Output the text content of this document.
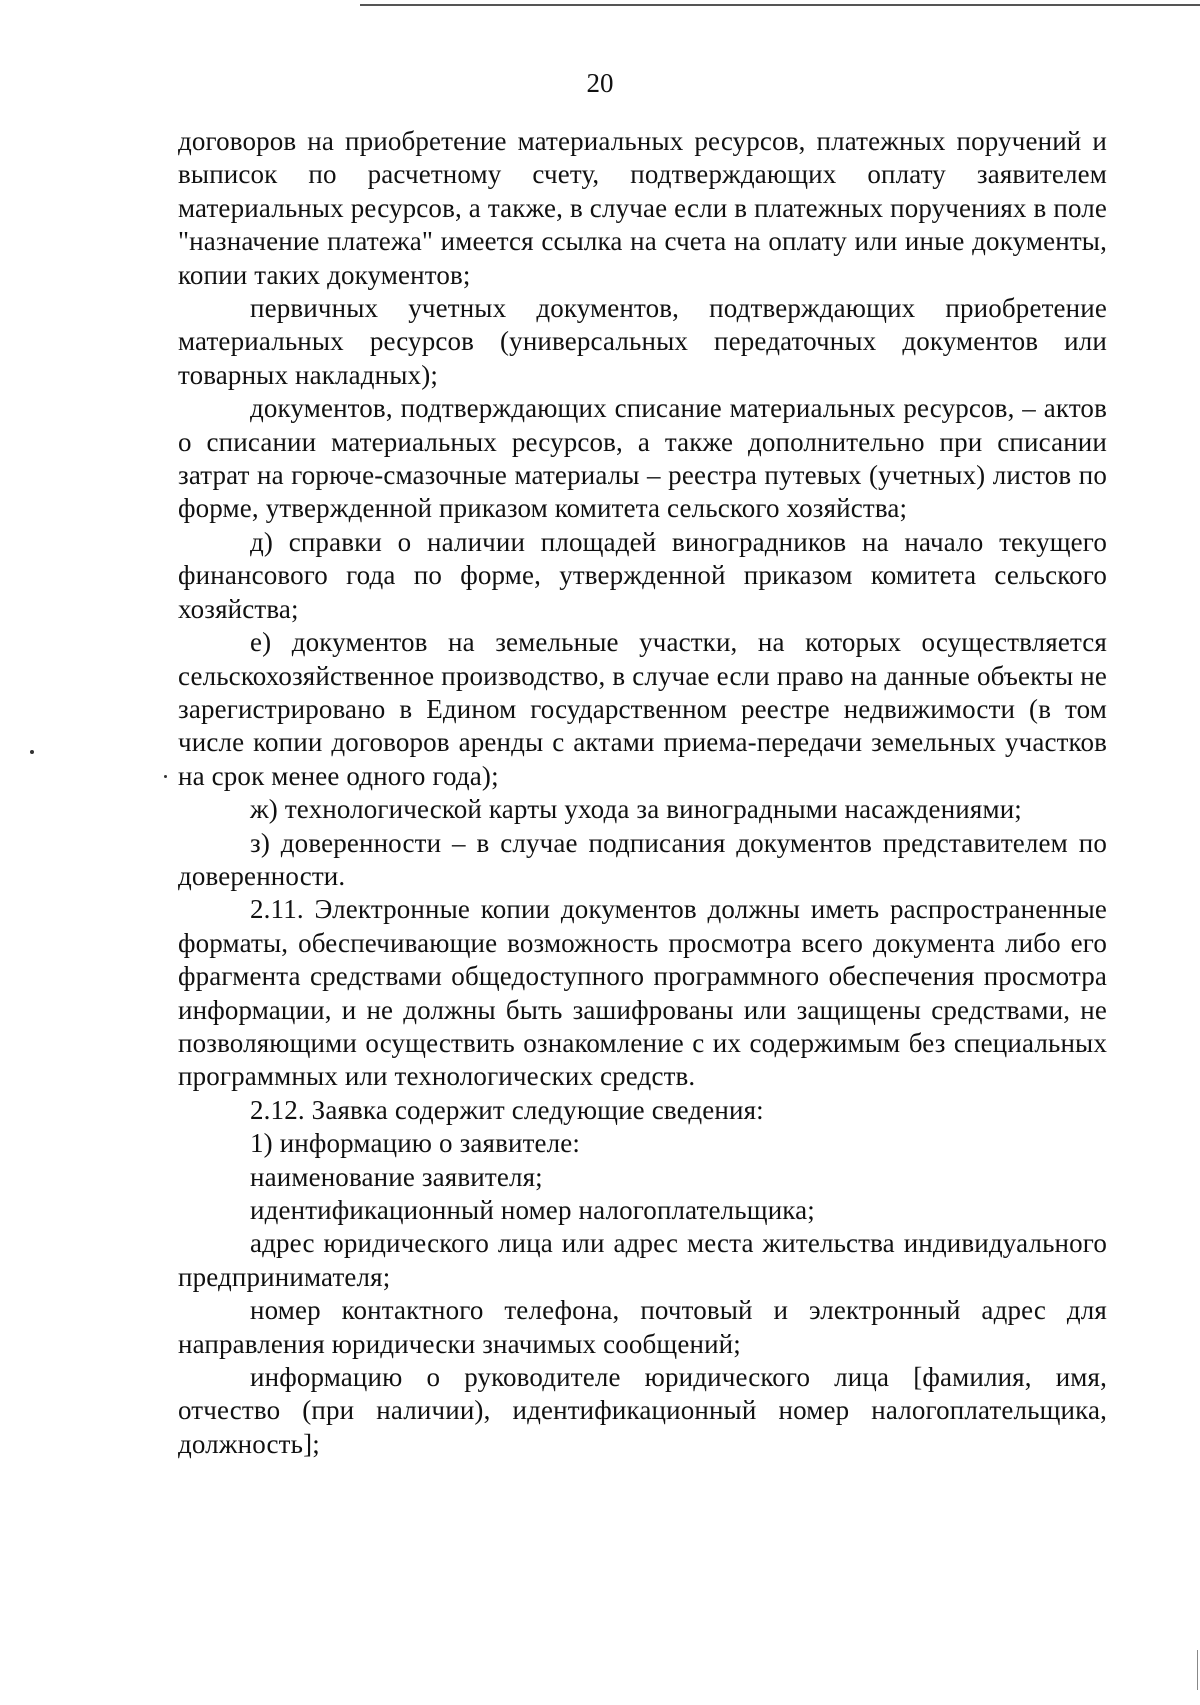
20

договоров на приобретение материальных ресурсов, платежных поручений и выписок по расчетному счету, подтверждающих оплату заявителем материальных ресурсов, а также, в случае если в платежных поручениях в поле "назначение платежа" имеется ссылка на счета на оплату или иные документы, копии таких документов;

первичных учетных документов, подтверждающих приобретение материальных ресурсов (универсальных передаточных документов или товарных накладных);

документов, подтверждающих списание материальных ресурсов, – актов о списании материальных ресурсов, а также дополнительно при списании затрат на горюче-смазочные материалы – реестра путевых (учетных) листов по форме, утвержденной приказом комитета сельского хозяйства;

д) справки о наличии площадей виноградников на начало текущего финансового года по форме, утвержденной приказом комитета сельского хозяйства;

е) документов на земельные участки, на которых осуществляется сельскохозяйственное производство, в случае если право на данные объекты не зарегистрировано в Едином государственном реестре недвижимости (в том числе копии договоров аренды с актами приема-передачи земельных участков на срок менее одного года);

ж) технологической карты ухода за виноградными насаждениями;

з) доверенности – в случае подписания документов представителем по доверенности.

2.11. Электронные копии документов должны иметь распространенные форматы, обеспечивающие возможность просмотра всего документа либо его фрагмента средствами общедоступного программного обеспечения просмотра информации, и не должны быть зашифрованы или защищены средствами, не позволяющими осуществить ознакомление с их содержимым без специальных программных или технологических средств.

2.12. Заявка содержит следующие сведения:

1) информацию о заявителе:

наименование заявителя;

идентификационный номер налогоплательщика;

адрес юридического лица или адрес места жительства индивидуального предпринимателя;

номер контактного телефона, почтовый и электронный адрес для направления юридически значимых сообщений;

информацию о руководителе юридического лица [фамилия, имя, отчество (при наличии), идентификационный номер налогоплательщика, должность];
